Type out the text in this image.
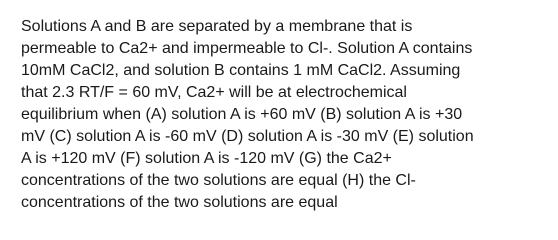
Solutions A and B are separated by a membrane that is
permeable to Ca2+ and impermeable to Cl-. Solution A contains
10mM CaCl2, and solution B contains 1 mM CaCl2. Assuming
that 2.3 RT/F = 60 mV, Ca2+ will be at electrochemical
equilibrium when (A) solution A is +60 mV (B) solution A is +30
mV (C) solution A is -60 mV (D) solution A is -30 mV (E) solution
A is +120 mV (F) solution A is -120 mV (G) the Ca2+
concentrations of the two solutions are equal (H) the Cl-
concentrations of the two solutions are equal
